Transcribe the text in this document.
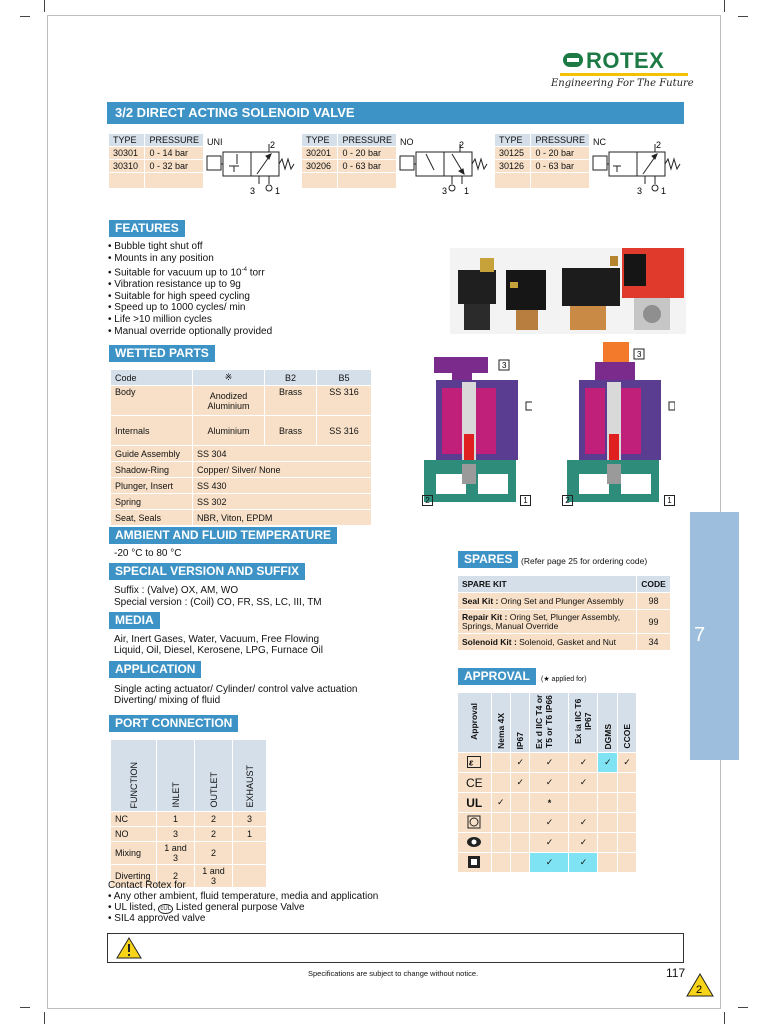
ROTEX
Engineering For The Future
3/2 DIRECT ACTING SOLENOID VALVE
TYPE	PRESSURE
30301	0 - 14 bar
30310	0 - 32 bar

UNI	TYPE	PRESSURE
30201	0 - 20 bar
30206	0 - 63 bar

NO	TYPE	PRESSURE
30125	0 - 20 bar
30126	0 - 63 bar

NC
2
3 1
2
3 1
2
3 1
FEATURES
• Bubble tight shut off
• Mounts in any position
• Suitable for vacuum up to $10^{-4}$ torr
• Vibration resistance up to 9g
• Suitable for high speed cycling
• Speed up to 1000 cycles/ min
• Life >10 million cycles
• Manual override optionally provided
WETTED PARTS
Code	※	B2	B5
Body	Anodized Aluminium	Brass	SS 316
Internals	Aluminium	Brass	SS 316
Guide Assembly	SS 304		
Shadow-Ring	Copper/ Silver/ None		
Plunger, Insert	SS 430		
Spring	SS 302		
Seat, Seals	NBR, Viton, EPDM		
3
2	1
3
2	1
AMBIENT AND FLUID TEMPERATURE
-20 °C to 80 °C
SPECIAL VERSION AND SUFFIX
Suffix : (Valve) OX, AM, WO
Special version : (Coil) CO, FR, SS, LC, III, TM
MEDIA
Air, Inert Gases, Water, Vacuum, Free Flowing
Liquid, Oil, Diesel, Kerosene, LPG, Furnace Oil
APPLICATION
Single acting actuator/ Cylinder/ control valve actuation
Diverting/ mixing of fluid
PORT CONNECTION
FUNCTION	INLET	OUTLET	EXHAUST
NC	1	2	3
NO	3	2	1
Mixing	1 and 3	2	
Diverting	2	1 and 3	
Contact Rotex for
• Any other ambient, fluid temperature, media and application
• UL listed, cUL Listed general purpose Valve
• SIL4 approved valve
SPARES	(Refer page 25 for ordering code)
SPARE KIT	CODE
Seal Kit : Oring Set and Plunger Assembly	98
Repair Kit : Oring Set, Plunger Assembly,
Springs, Manual Override	99
Solenoid Kit : Solenoid, Gasket and Nut	34
APPROVAL	(★ applied for)
Approval	Nema 4X	IP67	Ex d IIC T4 or T5 or T6 IP66	Ex ia IIC T6 IP67	DGMS	CCOE

ε		✓	✓	✓	✓	✓
CE		✓	✓	✓		
UL	✓		*			
			✓	✓		
			✓	✓		
			✓	✓		
7
Specifications are subject to change without notice.	117
2
